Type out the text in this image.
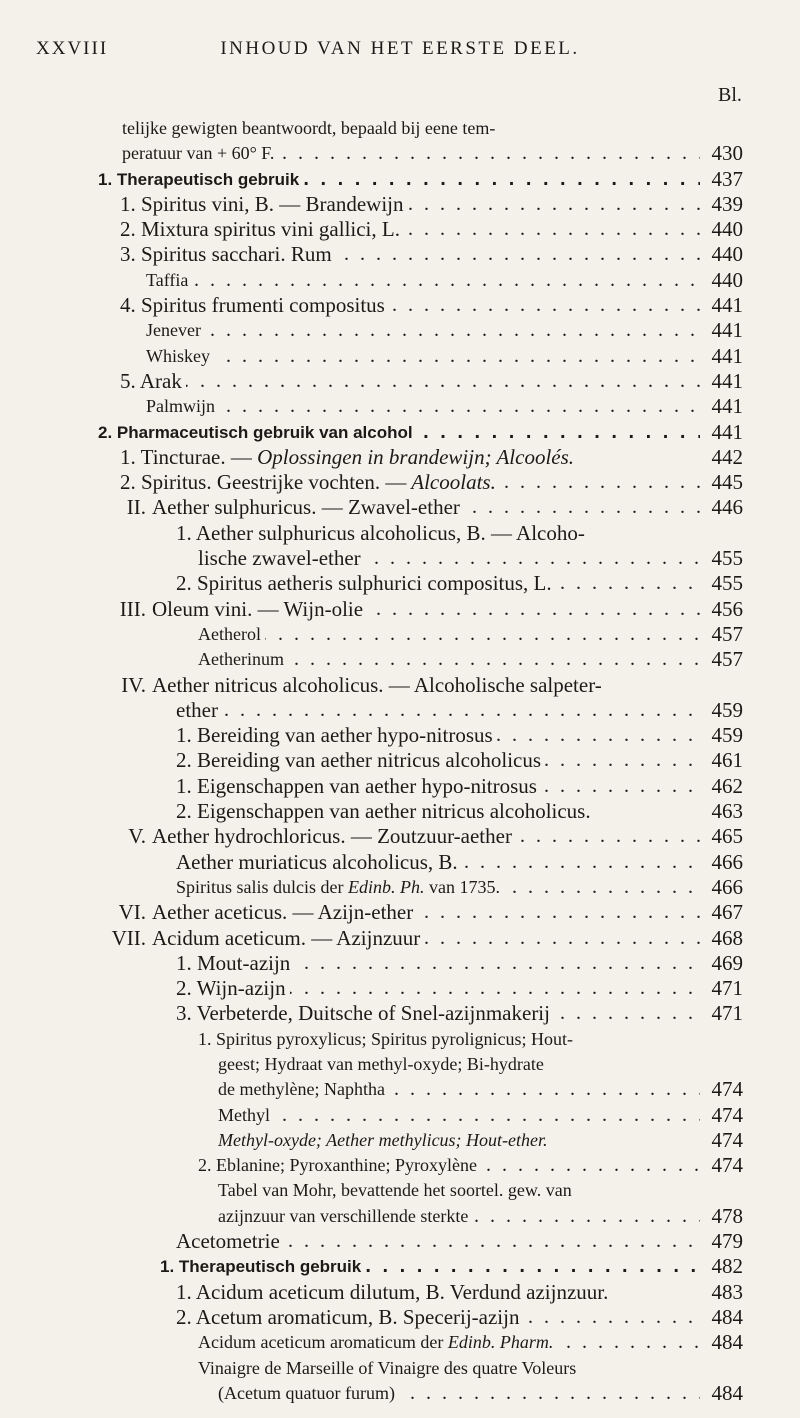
XXVIII	INHOUD VAN HET EERSTE DEEL.
Bl.
telijke gewigten beantwoordt, bepaald bij eene tem-
peratuur van + 60° F. . . .	430
1. Therapeutisch gebruik . . .	437
1. Spiritus vini, B. — Brandewijn . . .	439
2. Mixtura spiritus vini gallici, L. . . .	440
3. Spiritus sacchari. Rum . . .	440
Taffia . . .	440
4. Spiritus frumenti compositus . . .	441
Jenever . . .	441
Whiskey . . .	441
5. Arak . . .	441
Palmwijn . . .	441
2. Pharmaceutisch gebruik van alcohol . . .	441
1. Tincturae. — Oplossingen in brandewijn; Alcoolés.	442
2. Spiritus. Geestrijke vochten. — Alcoolats. . . .	445
II. Aether sulphuricus. — Zwavel-ether . . .	446
1. Aether sulphuricus alcoholicus, B. — Alcoho-
lische zwavel-ether . . .	455
2. Spiritus aetheris sulphurici compositus, L. . . .	455
III. Oleum vini. — Wijn-olie . . .	456
Aetherol . . .	457
Aetherinum . . .	457
IV. Aether nitricus alcoholicus. — Alcoholische salpeter-
ether . . .	459
1. Bereiding van aether hypo-nitrosus . . .	459
2. Bereiding van aether nitricus alcoholicus . . .	461
1. Eigenschappen van aether hypo-nitrosus . . .	462
2. Eigenschappen van aether nitricus alcoholicus.	463
V. Aether hydrochloricus. — Zoutzuur-aether . . .	465
Aether muriaticus alcoholicus, B. . . .	466
Spiritus salis dulcis der Edinb. Ph. van 1735. . . .	466
VI. Aether aceticus. — Azijn-ether . . .	467
VII. Acidum aceticum. — Azijnzuur . . .	468
1. Mout-azijn . . .	469
2. Wijn-azijn . . .	471
3. Verbeterde, Duitsche of Snel-azijnmakerij . . .	471
1. Spiritus pyroxylicus; Spiritus pyrolignicus; Hout-
geest; Hydraat van methyl-oxyde; Bi-hydrate
de methylène; Naphtha . . .	474
Methyl . . .	474
Methyl-oxyde; Aether methylicus; Hout-ether.	474
2. Eblanine; Pyroxanthine; Pyroxylène . . .	474
Tabel van Mohr, bevattende het soortel. gew. van
azijnzuur van verschillende sterkte . . .	478
Acetometrie . . .	479
1. Therapeutisch gebruik . . .	482
1. Acidum aceticum dilutum, B. Verdund azijnzuur.	483
2. Acetum aromaticum, B. Specerij-azijn . . .	484
Acidum aceticum aromaticum der Edinb. Pharm. . . .	484
Vinaigre de Marseille of Vinaigre des quatre Voleurs
(Acetum quatuor furum) . . .	484
